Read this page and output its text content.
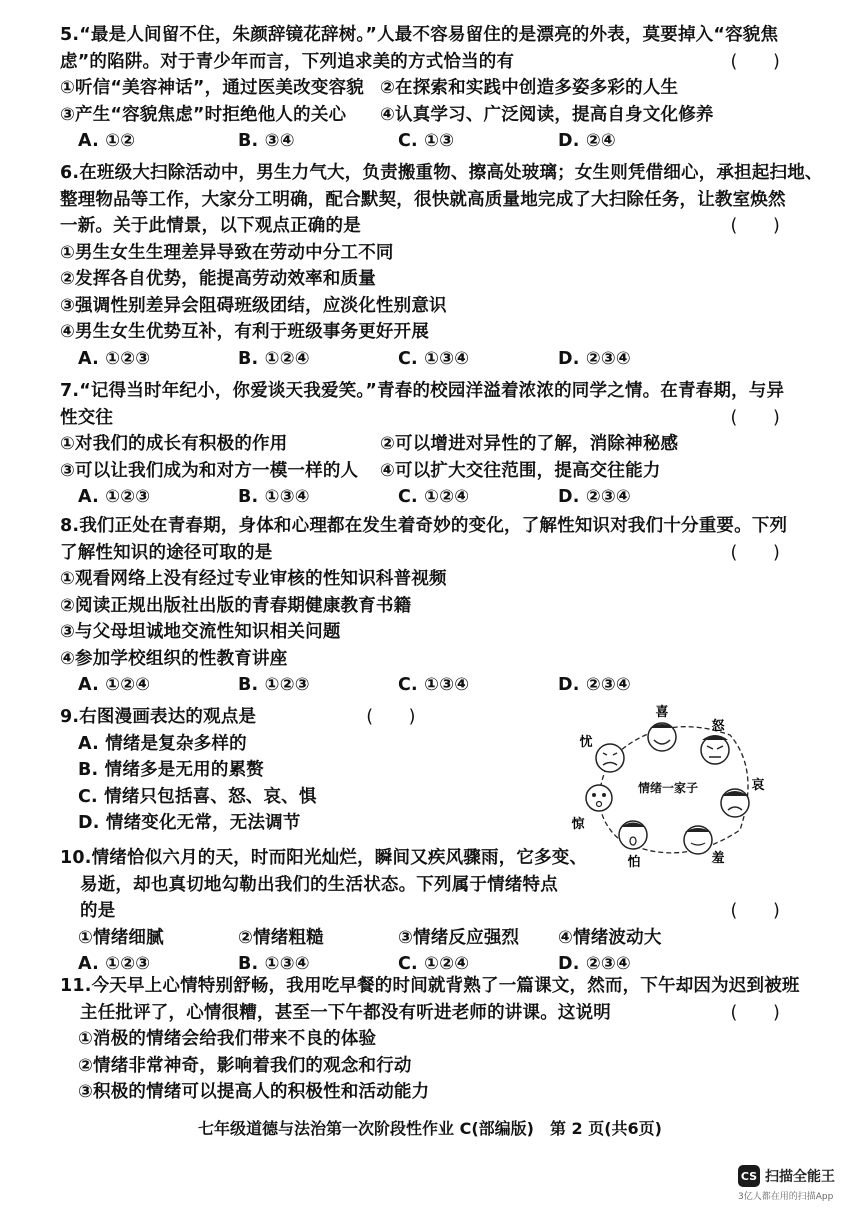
5.“最是人间留不住，朱颜辞镜花辞树。”人最不容易留住的是漂亮的外表，莫要掉入“容貌焦
虑”的陷阱。对于青少年而言，下列追求美的方式恰当的有	(　　)
①听信“美容神话”，通过医美改变容貌 ②在探索和实践中创造多姿多彩的人生
③产生“容貌焦虑”时拒绝他人的关心	④认真学习、广泛阅读，提高自身文化修养
A. ①②	B. ③④	C. ①③	D. ②④
6.在班级大扫除活动中，男生力气大，负责搬重物、擦高处玻璃；女生则凭借细心，承担起扫地、
整理物品等工作，大家分工明确，配合默契，很快就高质量地完成了大扫除任务，让教室焕然
一新。关于此情景，以下观点正确的是	(　　)
①男生女生生理差异导致在劳动中分工不同
②发挥各自优势，能提高劳动效率和质量
③强调性别差异会阻碍班级团结，应淡化性别意识
④男生女生优势互补，有利于班级事务更好开展
A. ①②③	B. ①②④	C. ①③④	D. ②③④
7.“记得当时年纪小，你爱谈天我爱笑。”青春的校园洋溢着浓浓的同学之情。在青春期，与异
性交往	(　　)
①对我们的成长有积极的作用	②可以增进对异性的了解，消除神秘感
③可以让我们成为和对方一模一样的人	④可以扩大交往范围，提高交往能力
A. ①②③	B. ①③④	C. ①②④	D. ②③④
8.我们正处在青春期，身体和心理都在发生着奇妙的变化，了解性知识对我们十分重要。下列
了解性知识的途径可取的是	(　　)
①观看网络上没有经过专业审核的性知识科普视频
②阅读正规出版社出版的青春期健康教育书籍
③与父母坦诚地交流性知识相关问题
④参加学校组织的性教育讲座
A. ①②④	B. ①②③	C. ①③④	D. ②③④
9.右图漫画表达的观点是	(　　)
A. 情绪是复杂多样的
B. 情绪多是无用的累赘
C. 情绪只包括喜、怒、哀、惧
D. 情绪变化无常，无法调节
情绪一家子
喜
怒
哀
羞
怕
惊
忧
10.情绪恰似六月的天，时而阳光灿烂，瞬间又疾风骤雨，它多变、
易逝，却也真切地勾勒出我们的生活状态。下列属于情绪特点
的是	(　　)
①情绪细腻	②情绪粗糙	③情绪反应强烈	④情绪波动大
A. ①②③	B. ①③④	C. ①②④	D. ②③④
11.今天早上心情特别舒畅，我用吃早餐的时间就背熟了一篇课文，然而，下午却因为迟到被班
主任批评了，心情很糟，甚至一下午都没有听进老师的讲课。这说明	(　　)
①消极的情绪会给我们带来不良的体验
②情绪非常神奇，影响着我们的观念和行动
③积极的情绪可以提高人的积极性和活动能力
七年级道德与法治第一次阶段性作业 C(部编版)　第 2 页(共6页)
CS 扫描全能王
3亿人都在用的扫描App
